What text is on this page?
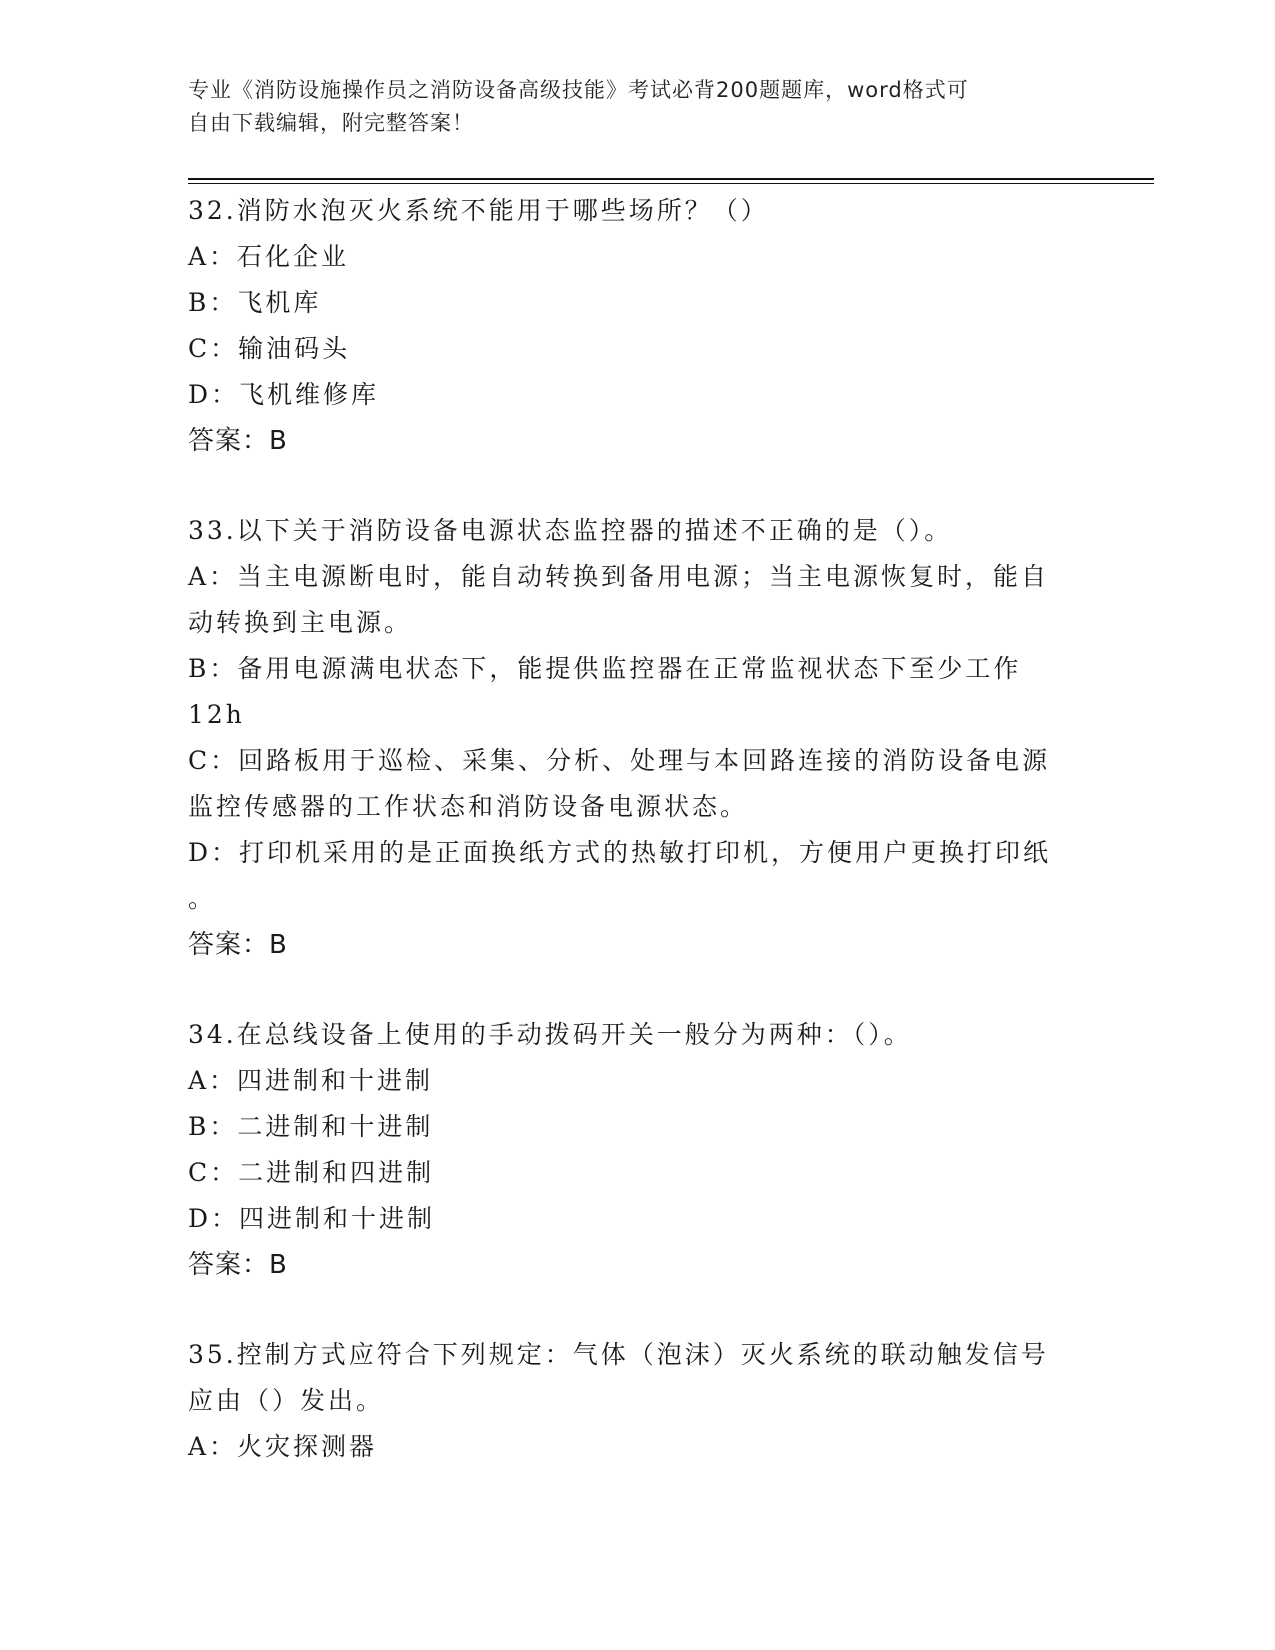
专业《消防设施操作员之消防设备高级技能》考试必背200题题库，word格式可
自由下载编辑，附完整答案！
32.消防水泡灭火系统不能用于哪些场所？（）
A：石化企业
B：飞机库
C：输油码头
D：飞机维修库
答案：B
33.以下关于消防设备电源状态监控器的描述不正确的是（）。
A：当主电源断电时，能自动转换到备用电源；当主电源恢复时，能自
动转换到主电源。
B：备用电源满电状态下，能提供监控器在正常监视状态下至少工作
12h
C：回路板用于巡检、采集、分析、处理与本回路连接的消防设备电源
监控传感器的工作状态和消防设备电源状态。
D：打印机采用的是正面换纸方式的热敏打印机，方便用户更换打印纸
。
答案：B
34.在总线设备上使用的手动拨码开关一般分为两种：（）。
A：四进制和十进制
B：二进制和十进制
C：二进制和四进制
D：四进制和十进制
答案：B
35.控制方式应符合下列规定：气体（泡沫）灭火系统的联动触发信号
应由（）发出。
A：火灾探测器
